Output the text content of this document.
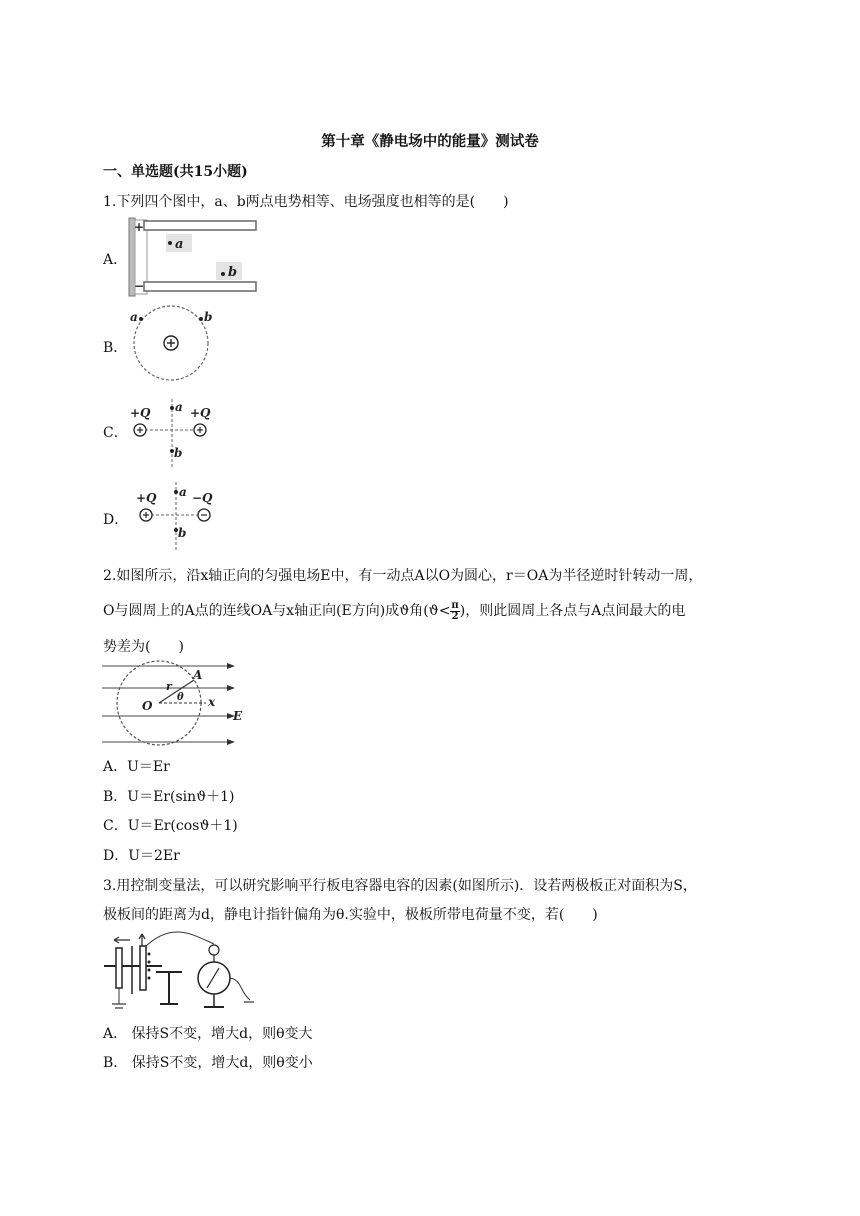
第十章《静电场中的能量》测试卷
一、单选题(共15小题)
1.下列四个图中，a、b两点电势相等、电场强度也相等的是(　　)
A．
+
−
a
b
B．
a	b
C．
+Q	+Q
a
b
D．
+Q	−Q
a
b
2.如图所示，沿x轴正向的匀强电场E中，有一动点A以O为圆心，r＝OA为半径逆时针转动一周，
O与圆周上的A点的连线OA与x轴正向(E方向)成ϑ角($ϑ< \frac{\pi}{2}$ )，则此圆周上各点与A点间最大的电
势差为(　　)
A
O
r
θ x
E
A．U＝Er
B．U＝Er(sinϑ＋1)
C．U＝Er(cosϑ＋1)
D．U＝2Er
3.用控制变量法，可以研究影响平行板电容器电容的因素(如图所示)．设若两极板正对面积为S，
极板间的距离为d，静电计指针偏角为θ.实验中，极板所带电荷量不变，若(　　)
A． 保持S不变，增大d，则θ变大
B． 保持S不变，增大d，则θ变小
